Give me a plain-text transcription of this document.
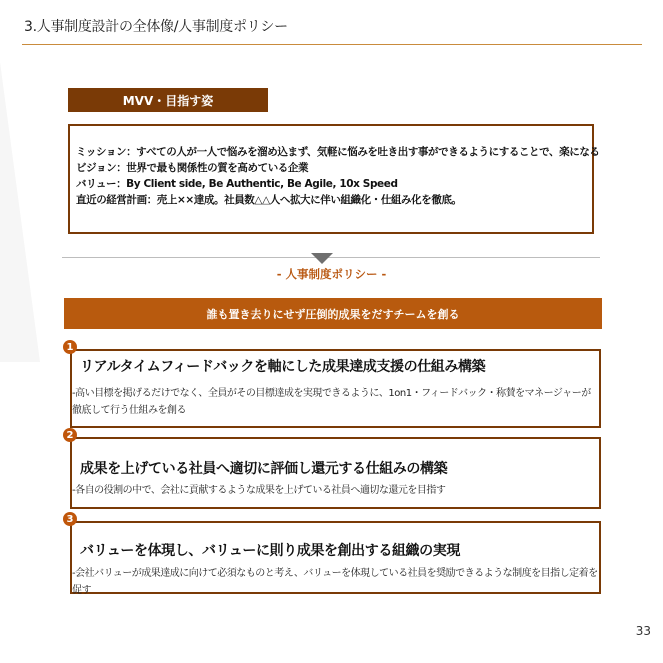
3.人事制度設計の全体像/人事制度ポリシー
MVV・目指す姿
ミッション：すべての人が一人で悩みを溜め込まず、気軽に悩みを吐き出す事ができるようにすることで、楽になる
ビジョン：世界で最も関係性の質を高めている企業
バリュー：By Client side, Be Authentic, Be Agile, 10x Speed
直近の経営計画：売上××達成。社員数△△人へ拡大に伴い組織化・仕組み化を徹底。
- 人事制度ポリシー -
誰も置き去りにせず圧倒的成果をだすチームを創る
1
リアルタイムフィードバックを軸にした成果達成支援の仕組み構築
-高い目標を掲げるだけでなく、全員がその目標達成を実現できるように、1on1・フィードバック・称賛をマネージャーが徹底して行う仕組みを創る
2
成果を上げている社員へ適切に評価し還元する仕組みの構築
-各自の役割の中で、会社に貢献するような成果を上げている社員へ適切な還元を目指す
3
バリューを体現し、バリューに則り成果を創出する組織の実現
-会社バリューが成果達成に向けて必須なものと考え、バリューを体現している社員を奨励できるような制度を目指し定着を促す
33
